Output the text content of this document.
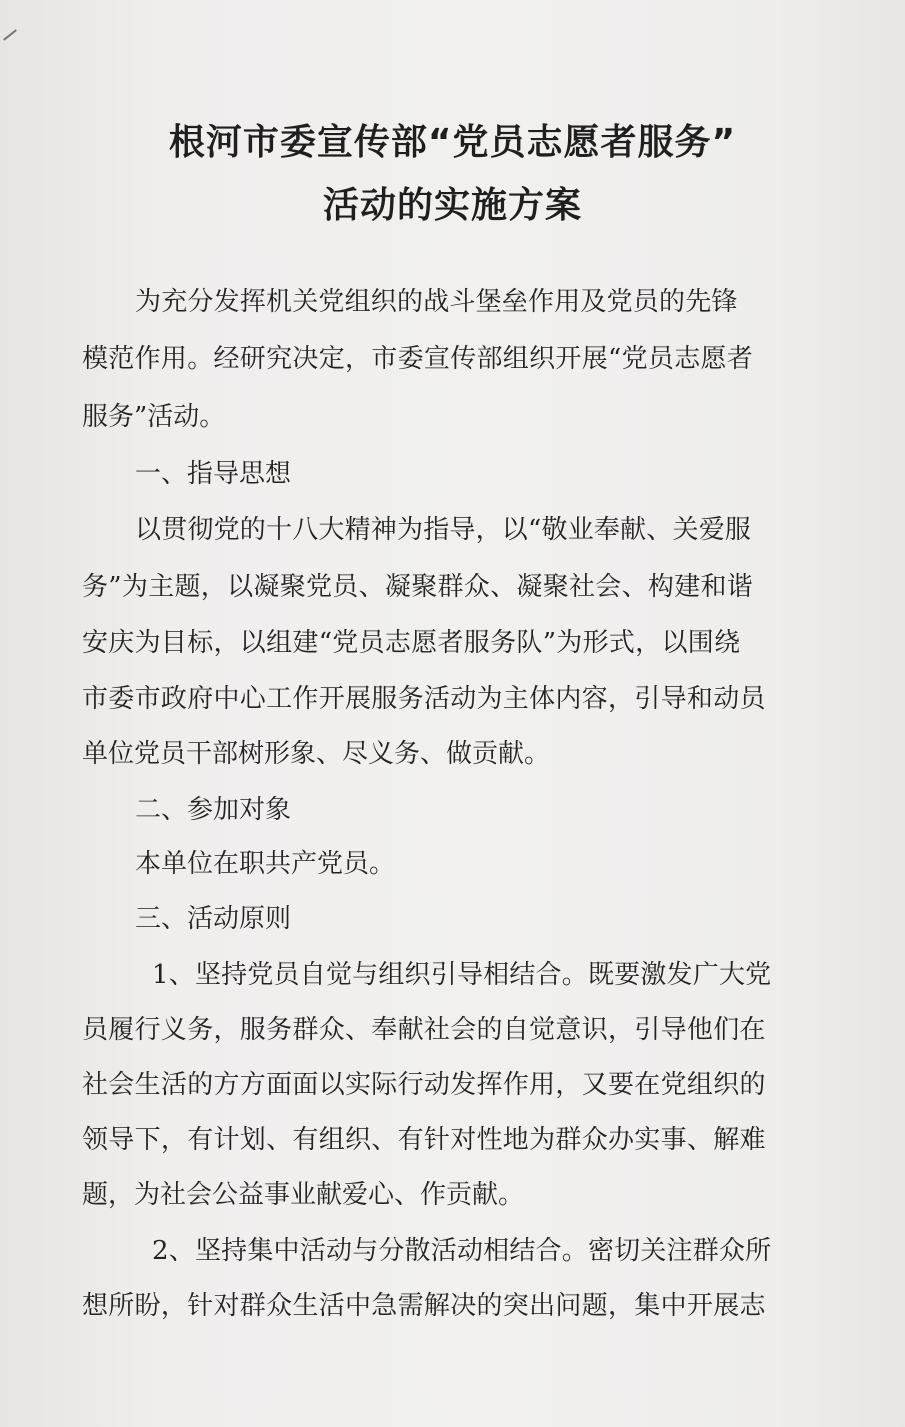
根河市委宣传部“党员志愿者服务”
活动的实施方案

为充分发挥机关党组织的战斗堡垒作用及党员的先锋

模范作用。经研究决定，市委宣传部组织开展“党员志愿者

服务”活动。

一、指导思想

以贯彻党的十八大精神为指导，以“敬业奉献、关爱服

务”为主题，以凝聚党员、凝聚群众、凝聚社会、构建和谐

安庆为目标，以组建“党员志愿者服务队”为形式，以围绕

市委市政府中心工作开展服务活动为主体内容，引导和动员

单位党员干部树形象、尽义务、做贡献。

二、参加对象

本单位在职共产党员。

三、活动原则

1、坚持党员自觉与组织引导相结合。既要激发广大党

员履行义务，服务群众、奉献社会的自觉意识，引导他们在

社会生活的方方面面以实际行动发挥作用，又要在党组织的

领导下，有计划、有组织、有针对性地为群众办实事、解难

题，为社会公益事业献爱心、作贡献。

2、坚持集中活动与分散活动相结合。密切关注群众所

想所盼，针对群众生活中急需解决的突出问题，集中开展志
